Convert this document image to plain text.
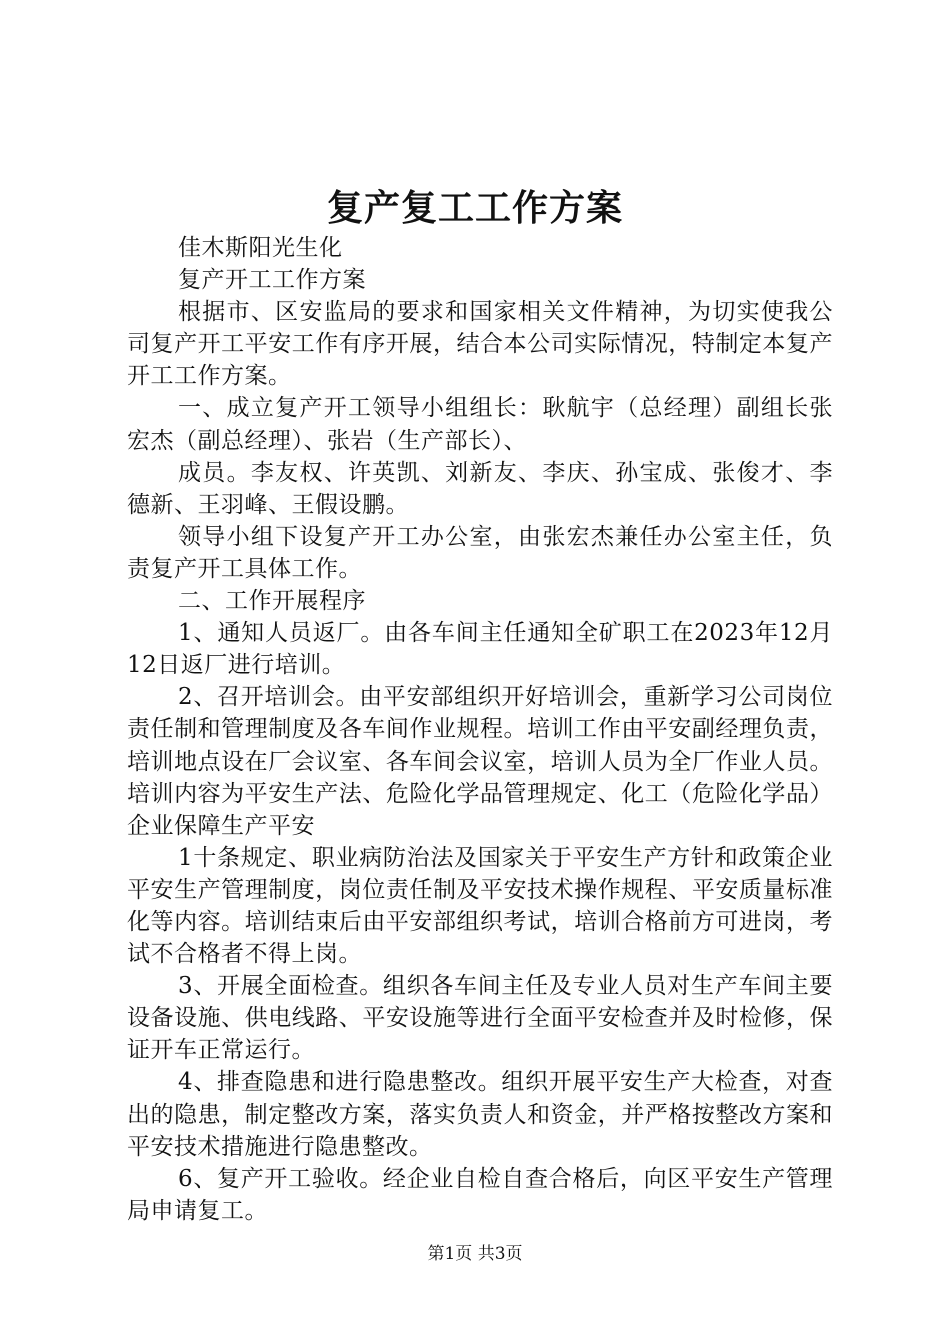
复产复工工作方案

佳木斯阳光生化

复产开工工作方案

根据市、区安监局的要求和国家相关文件精神，为切实使我公司复产开工平安工作有序开展，结合本公司实际情况，特制定本复产开工工作方案。

一、成立复产开工领导小组组长：耿航宇（总经理）副组长张宏杰（副总经理）、张岩（生产部长）、

成员。李友权、许英凯、刘新友、李庆、孙宝成、张俊才、李德新、王羽峰、王假设鹏。

领导小组下设复产开工办公室，由张宏杰兼任办公室主任，负责复产开工具体工作。

二、工作开展程序

1、通知人员返厂。由各车间主任通知全矿职工在2023年12月12日返厂进行培训。

2、召开培训会。由平安部组织开好培训会，重新学习公司岗位责任制和管理制度及各车间作业规程。培训工作由平安副经理负责，培训地点设在厂会议室、各车间会议室，培训人员为全厂作业人员。培训内容为平安生产法、危险化学品管理规定、化工（危险化学品）企业保障生产平安

1十条规定、职业病防治法及国家关于平安生产方针和政策企业平安生产管理制度，岗位责任制及平安技术操作规程、平安质量标准化等内容。培训结束后由平安部组织考试，培训合格前方可进岗，考试不合格者不得上岗。

3、开展全面检查。组织各车间主任及专业人员对生产车间主要设备设施、供电线路、平安设施等进行全面平安检查并及时检修，保证开车正常运行。

4、排查隐患和进行隐患整改。组织开展平安生产大检查，对查出的隐患，制定整改方案，落实负责人和资金，并严格按整改方案和平安技术措施进行隐患整改。

6、复产开工验收。经企业自检自查合格后，向区平安生产管理局申请复工。

第1页 共3页
